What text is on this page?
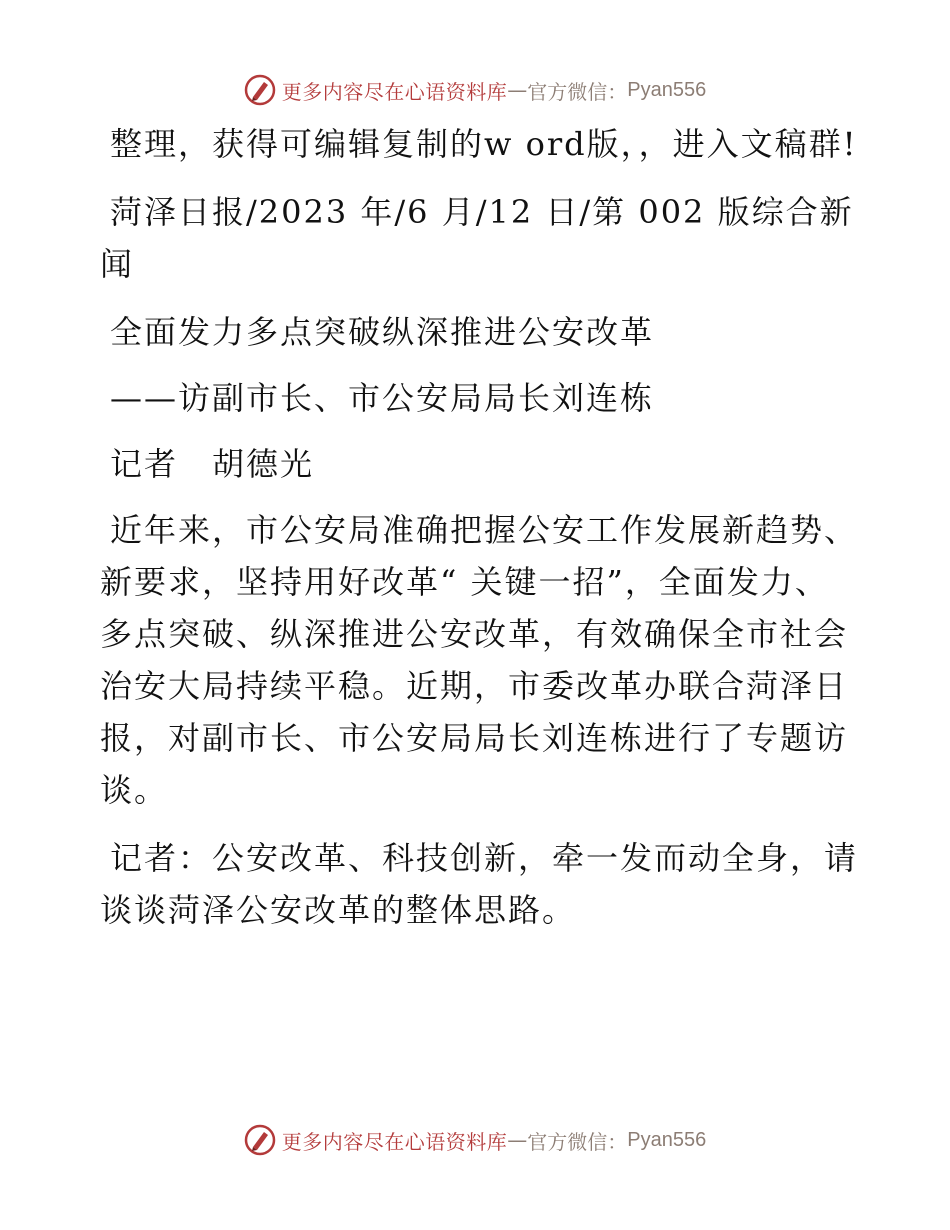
更多内容尽在心语资料库 — 官方微信： Pyan556

整理，获得可编辑复制的w ord版，，进入文稿群!

菏泽日报/2023 年/6 月/12 日/第 002 版综合新闻

全面发力多点突破纵深推进公安改革

——访副市长、市公安局局长刘连栋

记者　胡德光

近年来，市公安局准确把握公安工作发展新趋势、新要求，坚持用好改革“ 关键一招”，全面发力、多点突破、纵深推进公安改革，有效确保全市社会治安大局持续平稳。近期，市委改革办联合菏泽日报，对副市长、市公安局局长刘连栋进行了专题访谈。

记者：公安改革、科技创新，牵一发而动全身，请谈谈菏泽公安改革的整体思路。

更多内容尽在心语资料库 — 官方微信： Pyan556
